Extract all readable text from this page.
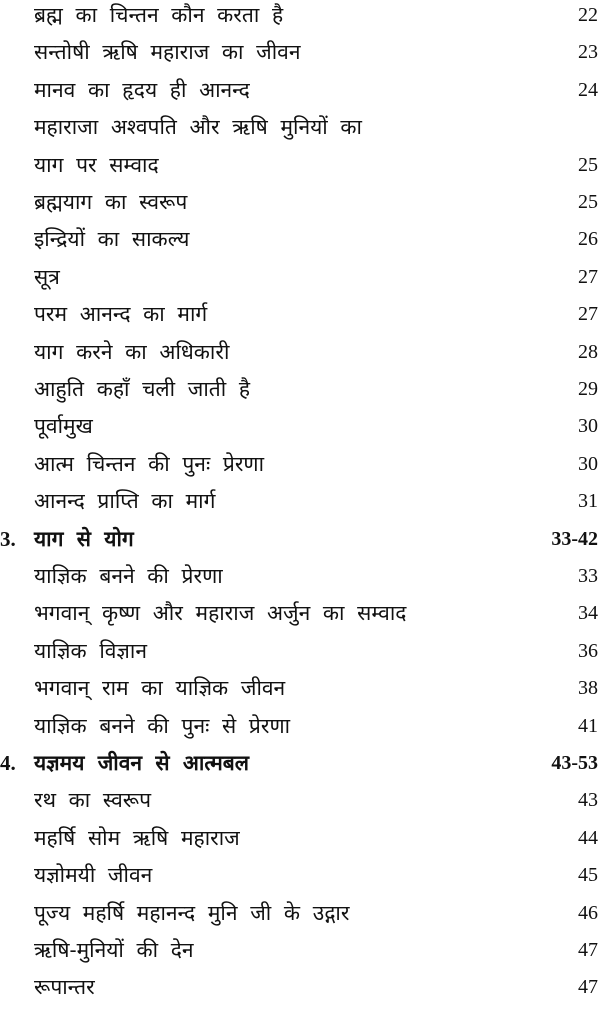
ब्रह्म का चिन्तन कौन करता है	22
सन्तोषी ऋषि महाराज का जीवन	23
मानव का हृदय ही आनन्द	24
महाराजा अश्वपति और ऋषि मुनियों का
याग पर सम्वाद	25
ब्रह्मयाग का स्वरूप	25
इन्द्रियों का साकल्य	26
सूत्र	27
परम आनन्द का मार्ग	27
याग करने का अधिकारी	28
आहुति कहाँ चली जाती है	29
पूर्वामुख	30
आत्म चिन्तन की पुनः प्रेरणा	30
आनन्द प्राप्ति का मार्ग	31
3. याग से योग	33-42
याज्ञिक बनने की प्रेरणा	33
भगवान् कृष्ण और महाराज अर्जुन का सम्वाद	34
याज्ञिक विज्ञान	36
भगवान् राम का याज्ञिक जीवन	38
याज्ञिक बनने की पुनः से प्रेरणा	41
4. यज्ञमय जीवन से आत्मबल	43-53
रथ का स्वरूप	43
महर्षि सोम ऋषि महाराज	44
यज्ञोमयी जीवन	45
पूज्य महर्षि महानन्द मुनि जी के उद्गार	46
ऋषि-मुनियों की देन	47
रूपान्तर	47
